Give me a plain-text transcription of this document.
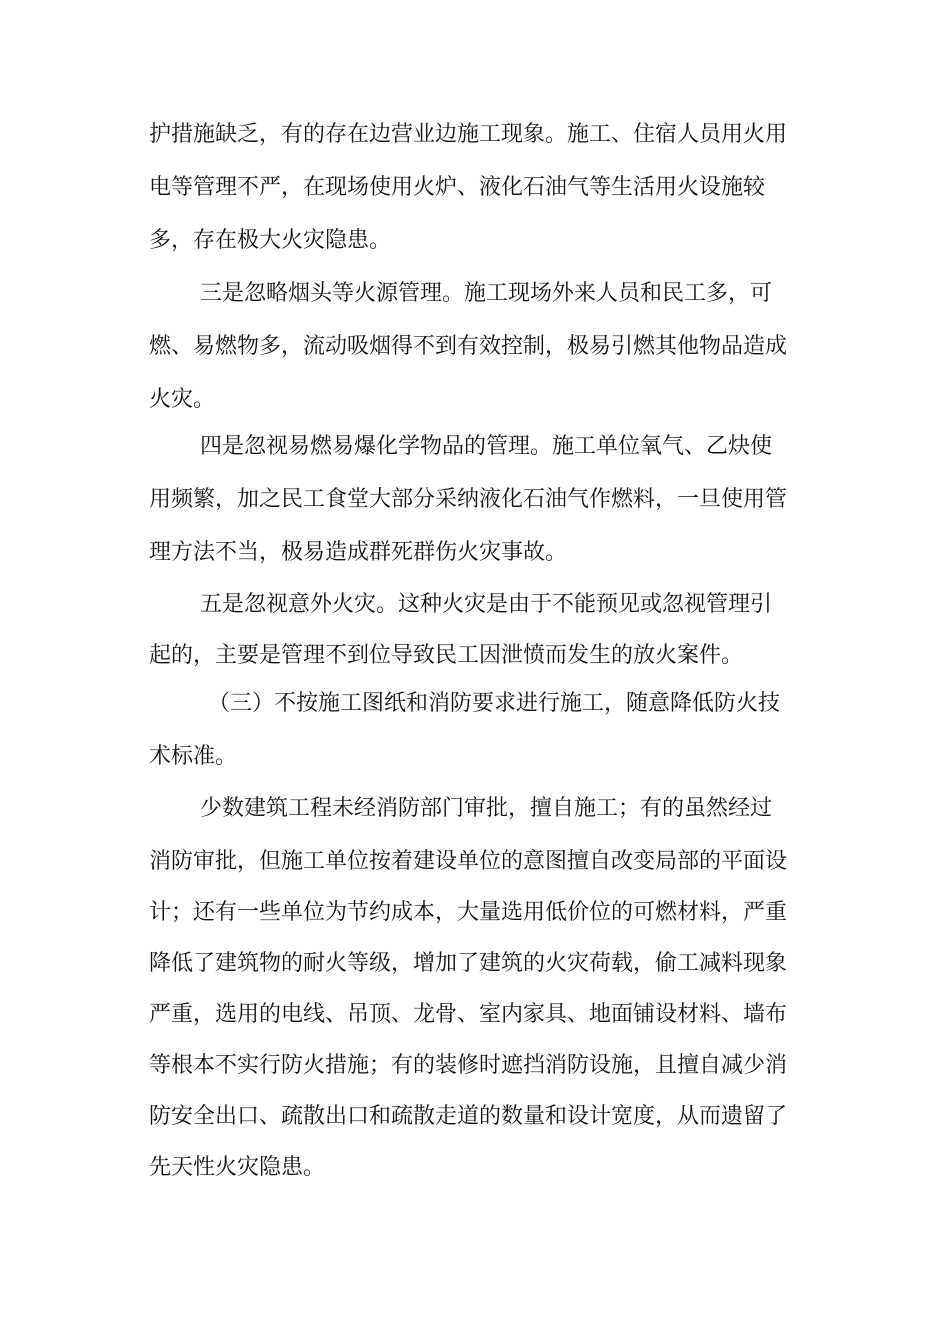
护措施缺乏，有的存在边营业边施工现象。施工、住宿人员用火用
电等管理不严，在现场使用火炉、液化石油气等生活用火设施较
多，存在极大火灾隐患。
三是忽略烟头等火源管理。施工现场外来人员和民工多，可
燃、易燃物多，流动吸烟得不到有效控制，极易引燃其他物品造成
火灾。
四是忽视易燃易爆化学物品的管理。施工单位氧气、乙炔使
用频繁，加之民工食堂大部分采纳液化石油气作燃料，一旦使用管
理方法不当，极易造成群死群伤火灾事故。
五是忽视意外火灾。这种火灾是由于不能预见或忽视管理引
起的，主要是管理不到位导致民工因泄愤而发生的放火案件。
（三）不按施工图纸和消防要求进行施工，随意降低防火技
术标准。
少数建筑工程未经消防部门审批，擅自施工；有的虽然经过
消防审批，但施工单位按着建设单位的意图擅自改变局部的平面设
计；还有一些单位为节约成本，大量选用低价位的可燃材料，严重
降低了建筑物的耐火等级，增加了建筑的火灾荷载，偷工减料现象
严重，选用的电线、吊顶、龙骨、室内家具、地面铺设材料、墙布
等根本不实行防火措施；有的装修时遮挡消防设施，且擅自减少消
防安全出口、疏散出口和疏散走道的数量和设计宽度，从而遗留了
先天性火灾隐患。
